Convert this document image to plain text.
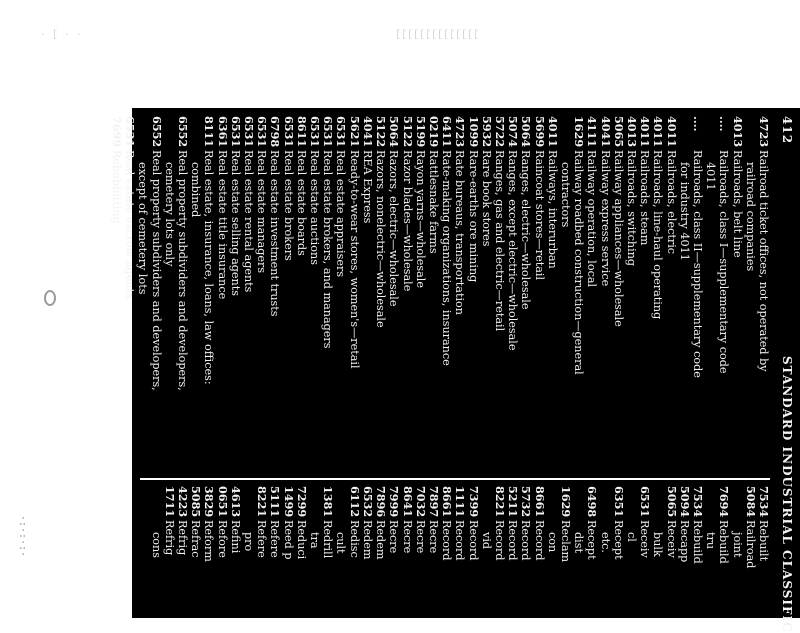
· [ · ·	[[[[[[[[[[[[[[
·:·:·:·
412
STANDARD INDUSTRIAL CLASSIFIC
4723
Railroad ticket offices, not operated by
railroad companies
4013
Railroads, belt line
....
Railroads, class I—supplementary code
4011
....
Railroads, class II—supplementary code
for industry 4011
4011
Railroads, electric
4011
Railroads, line-haul operating
4011
Railroads, steam
4013
Railroads, switching
5065
Railway appliances—wholesale
4041
Railway express service
4111
Railway operation, local
1629
Railway roadbed construction—general
contractors
4011
Railways, interurban
5699
Raincoat stores—retail
5064
Ranges, electric—wholesale
5074
Ranges, except electric—wholesale
5722
Ranges, gas and electric—retail
5932
Rare book stores
1099
Rare-earths ore mining
4723
Rate bureaus, transportation
6411
Rate-making organizations, insurance
0219
Rattlesnake farms
5199
Rayon yarns—wholesale
5122
Razor blades—wholesale
5064
Razors, electric—wholesale
5122
Razors, nonelectric—wholesale
4041
REA Express
5621
Ready-to-wear stores, women's—retail
6531
Real estate appraisers
6531
Real estate brokers, and managers
6531
Real estate auctions
8611
Real estate boards
6531
Real estate brokers
6798
Real estate investment trusts
6531
Real estate managers
6531
Real estate rental agents
6531
Real estate selling agents
6361
Real estate title insurance
8111
Real estate, insurance, loans, law offices:
combined
6552
Real property subdividers and developers,
cemetery lots only
6552
Real property subdividers and developers,
except of cemetery lots
6531
Real estate escrow agents
7699
Rebabbitting
7534
Rebuilt
5084
Railroad
joint
7694
Rebuild
tru
7534
Rebuild
5094
Recapp
5065
Receiv
bulk
6531
Receiv
cl
6351
Recept
etc.
6498
Recept
dist
1629
Reclam
con
8661
Record
5732
Record
5211
Record
8221
Record
vid
7399
Record
1111
Record
8661
Record
7897
Recre
7032
Recre
8641
Recre
7999
Recre
7896
Redem
6532
Redem
6112
Redisc
cult
1381
Redrill
tra
7299
Reduci
1499
Reed p
5111
Refere
8221
Refere
pro
4613
Refini
0651
Refore
3829
Reform
5085
Refrac
4223
Refrig
1711
Refrig
cons
